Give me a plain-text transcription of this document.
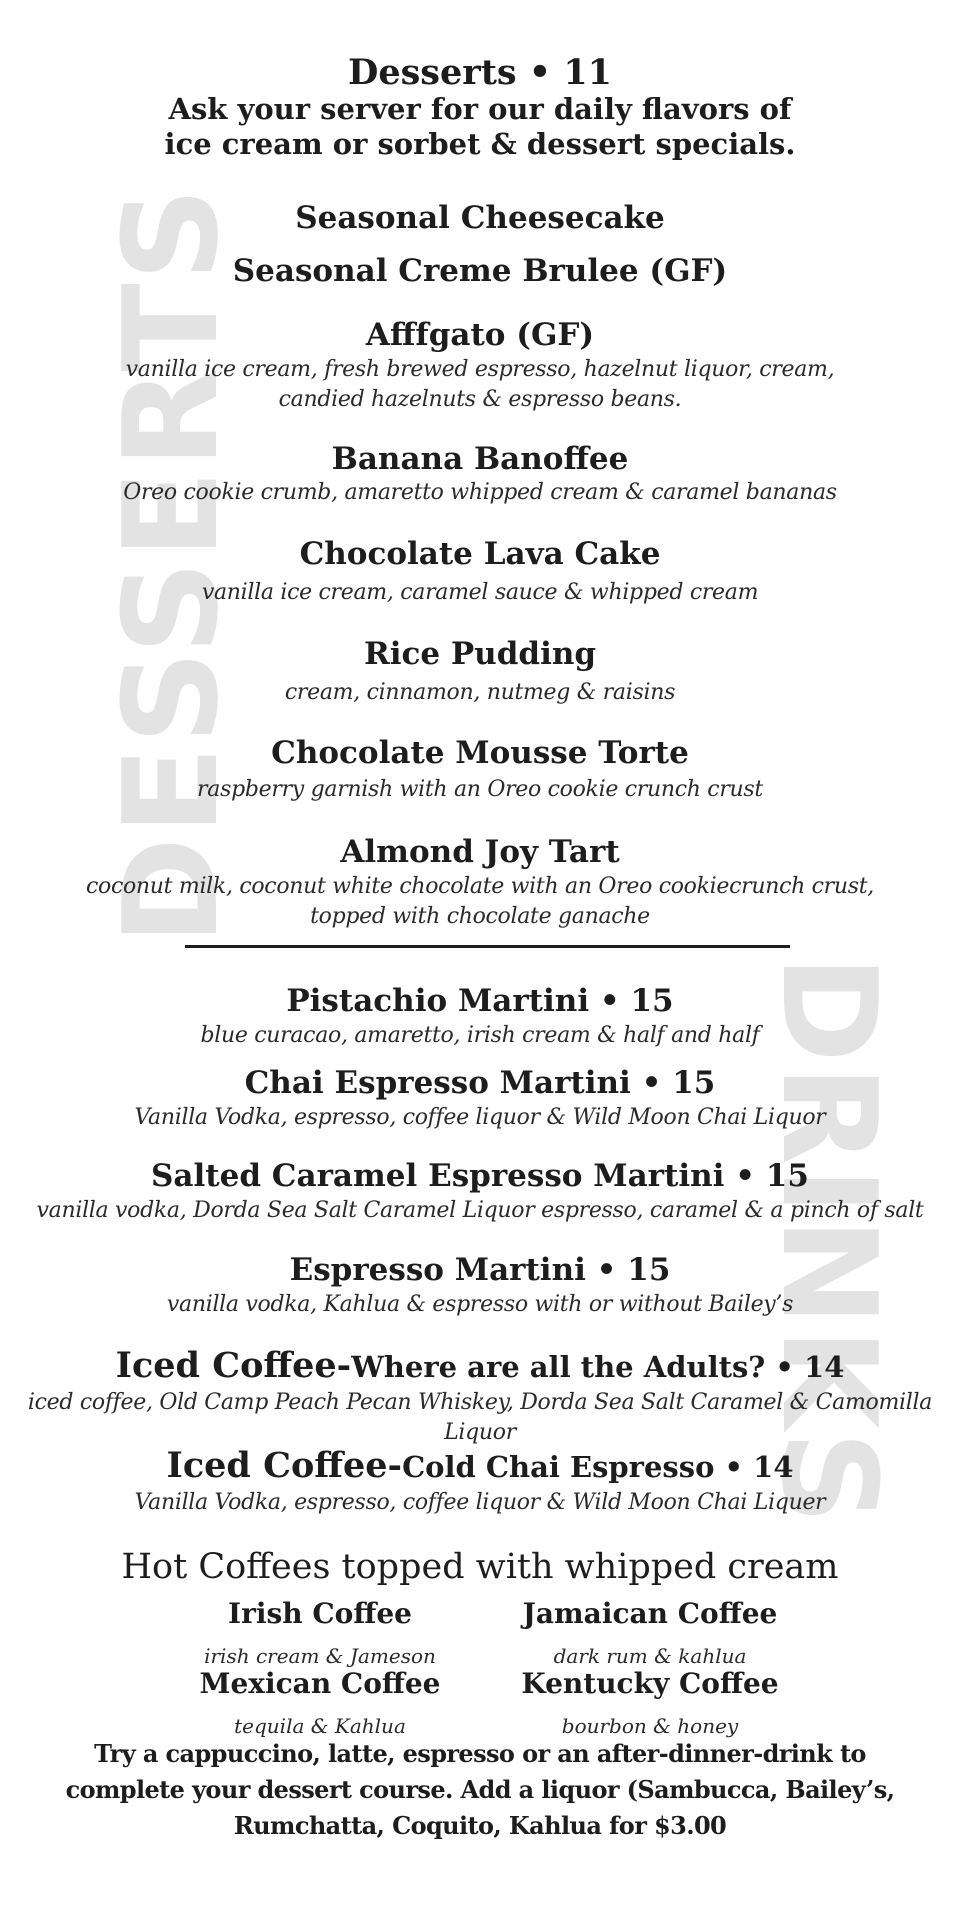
DESSERTS
DRINKS
Desserts • 11
Ask your server for our daily flavors of
ice cream or sorbet & dessert specials.
Seasonal Cheesecake
Seasonal Creme Brulee (GF)
Afffgato (GF)
vanilla ice cream, fresh brewed espresso, hazelnut liquor, cream,
candied hazelnuts & espresso beans.
Banana Banoffee
Oreo cookie crumb, amaretto whipped cream & caramel bananas
Chocolate Lava Cake
vanilla ice cream, caramel sauce & whipped cream
Rice Pudding
cream, cinnamon, nutmeg & raisins
Chocolate Mousse Torte
raspberry garnish with an Oreo cookie crunch crust
Almond Joy Tart
coconut milk, coconut white chocolate with an Oreo cookiecrunch crust,
topped with chocolate ganache
Pistachio Martini • 15
blue curacao, amaretto, irish cream & half and half
Chai Espresso Martini • 15
Vanilla Vodka, espresso, coffee liquor & Wild Moon Chai Liquor
Salted Caramel Espresso Martini • 15
vanilla vodka, Dorda Sea Salt Caramel Liquor espresso, caramel & a pinch of salt
Espresso Martini • 15
vanilla vodka, Kahlua & espresso with or without Bailey’s
Iced Coffee-Where are all the Adults? • 14
iced coffee, Old Camp Peach Pecan Whiskey, Dorda Sea Salt Caramel & Camomilla Liquor
Iced Coffee-Cold Chai Espresso • 14
Vanilla Vodka, espresso, coffee liquor & Wild Moon Chai Liquer
Hot Coffees topped with whipped cream
Irish Coffee
irish cream & Jameson
Jamaican Coffee
dark rum & kahlua
Mexican Coffee
tequila & Kahlua
Kentucky Coffee
bourbon & honey
Try a cappuccino, latte, espresso or an after-dinner-drink to
complete your dessert course. Add a liquor (Sambucca, Bailey’s,
Rumchatta, Coquito, Kahlua for $3.00
